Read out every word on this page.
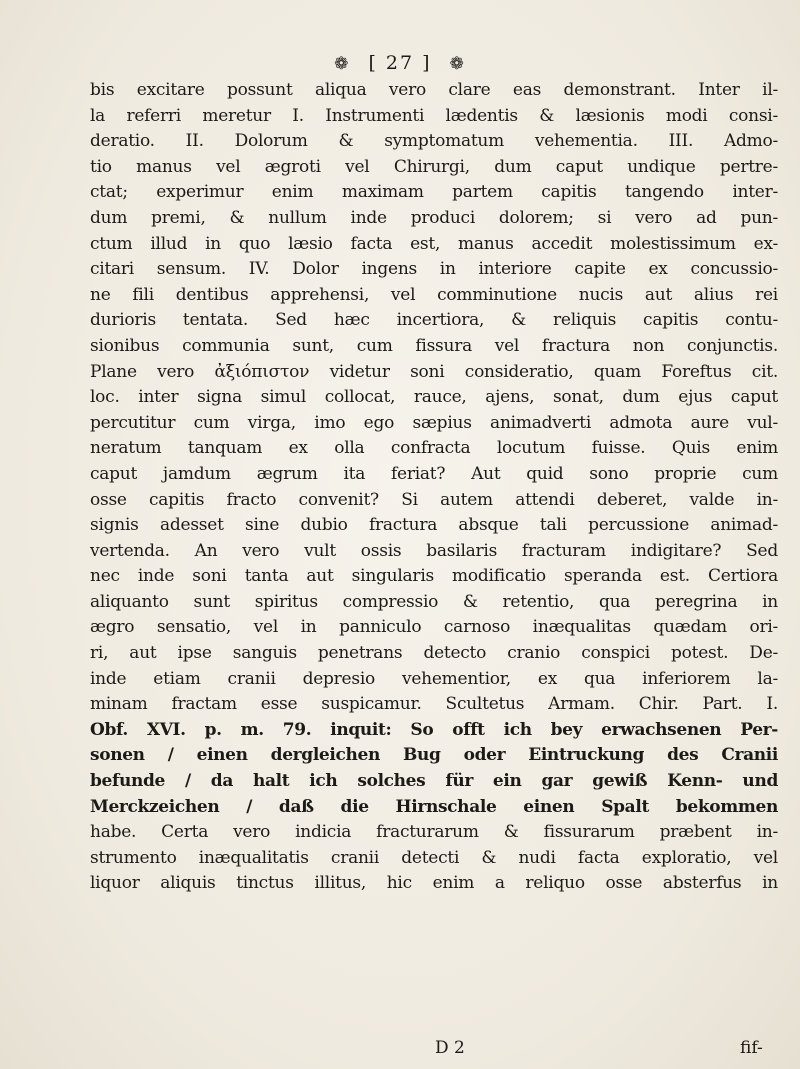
❁ [ 27 ] ❁
bis excitare possunt aliqua vero clare eas demonstrant. Inter il-
la referri meretur I. Instrumenti lædentis & læsionis modi consi-
deratio. II. Dolorum & symptomatum vehementia. III. Admo-
tio manus vel ægroti vel Chirurgi, dum caput undique pertre-
ctat; experimur enim maximam partem capitis tangendo inter-
dum premi, & nullum inde produci dolorem; si vero ad pun-
ctum illud in quo læsio facta est, manus accedit molestissimum ex-
citari sensum. IV. Dolor ingens in interiore capite ex concussio-
ne fili dentibus apprehensi, vel comminutione nucis aut alius rei
durioris tentata. Sed hæc incertiora, & reliquis capitis contu-
sionibus communia sunt, cum fissura vel fractura non conjunctis.
Plane vero ἀξιόπιστον videtur soni consideratio, quam Foreftus cit.
loc. inter signa simul collocat, rauce, ajens, sonat, dum ejus caput
percutitur cum virga, imo ego sæpius animadverti admota aure vul-
neratum tanquam ex olla confracta locutum fuisse. Quis enim
caput jamdum ægrum ita feriat? Aut quid sono proprie cum
osse capitis fracto convenit? Si autem attendi deberet, valde in-
signis adesset sine dubio fractura absque tali percussione animad-
vertenda. An vero vult ossis basilaris fracturam indigitare? Sed
nec inde soni tanta aut singularis modificatio speranda est. Certiora
aliquanto sunt spiritus compressio & retentio, qua peregrina in
ægro sensatio, vel in panniculo carnoso inæqualitas quædam ori-
ri, aut ipse sanguis penetrans detecto cranio conspici potest. De-
inde etiam cranii depresio vehementior, ex qua inferiorem la-
minam fractam esse suspicamur. Scultetus Armam. Chir. Part. I.
Obf. XVI. p. m. 79. inquit: So offt ich bey erwachsenen Per-
sonen / einen dergleichen Bug oder Eintruckung des Cranii
befunde / da halt ich solches für ein gar gewiß Kenn- und
Merckzeichen / daß die Hirnschale einen Spalt bekommen
habe. Certa vero indicia fracturarum & fissurarum præbent in-
strumento inæqualitatis cranii detecti & nudi facta exploratio, vel
liquor aliquis tinctus illitus, hic enim a reliquo osse absterfus in
D 2	fif-
